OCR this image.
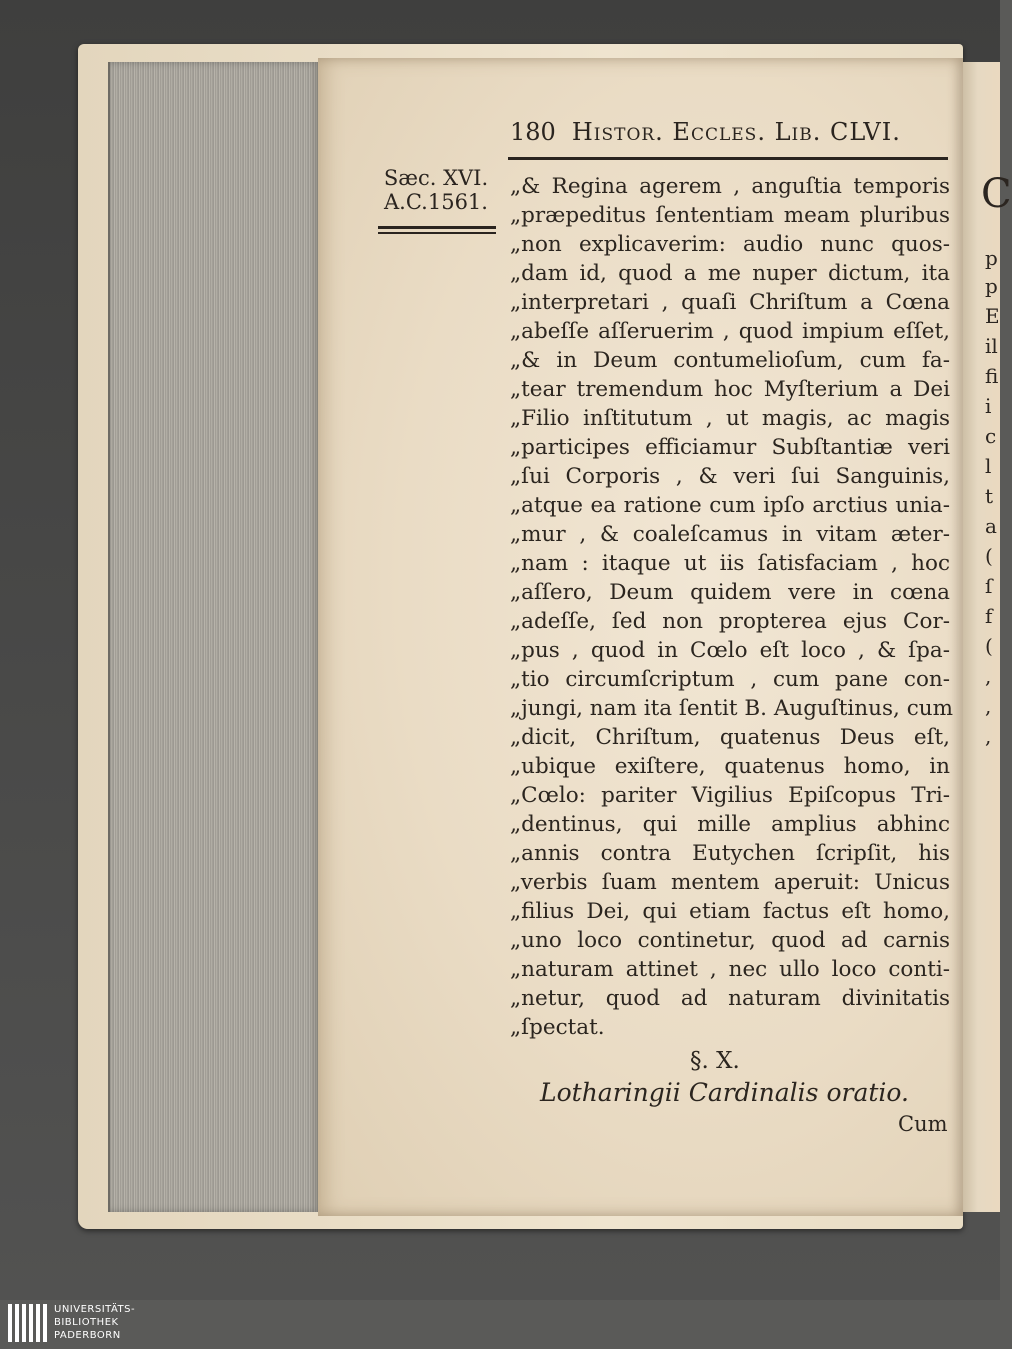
C
p
p
E
il
fi
i
c
l
t
a
(
ſ
f
(
,
,
,
180 Histor. Eccles. Lib. CLVI.
Sæc. XVI.
A.C.1561.
„& Regina agerem , anguſtia temporis
„præpeditus ſententiam meam pluribus
„non explicaverim: audio nunc quos-
„dam id, quod a me nuper dictum, ita
„interpretari , quaſi Chriſtum a Cœna
„abeſſe aſſeruerim , quod impium eſſet,
„& in Deum contumelioſum, cum fa-
„tear tremendum hoc Myſterium a Dei
„Filio inſtitutum , ut magis, ac magis
„participes efficiamur Subſtantiæ veri
„ſui Corporis , & veri ſui Sanguinis,
„atque ea ratione cum ipſo arctius unia-
„mur , & coaleſcamus in vitam æter-
„nam : itaque ut iis ſatisfaciam , hoc
„aſſero, Deum quidem vere in cœna
„adeſſe, ſed non propterea ejus Cor-
„pus , quod in Cœlo eſt loco , & ſpa-
„tio circumſcriptum , cum pane con-
„jungi, nam ita ſentit B. Auguſtinus, cum
„dicit, Chriſtum, quatenus Deus eſt,
„ubique exiſtere, quatenus homo, in
„Cœlo: pariter Vigilius Epiſcopus Tri-
„dentinus, qui mille amplius abhinc
„annis contra Eutychen ſcripſit, his
„verbis ſuam mentem aperuit: Unicus
„filius Dei, qui etiam factus eſt homo,
„uno loco continetur, quod ad carnis
„naturam attinet , nec ullo loco conti-
„netur, quod ad naturam divinitatis
„ſpectat.
§. X.
Lotharingii Cardinalis oratio.
Cum
UNIVERSITÄTS-
BIBLIOTHEK
PADERBORN
